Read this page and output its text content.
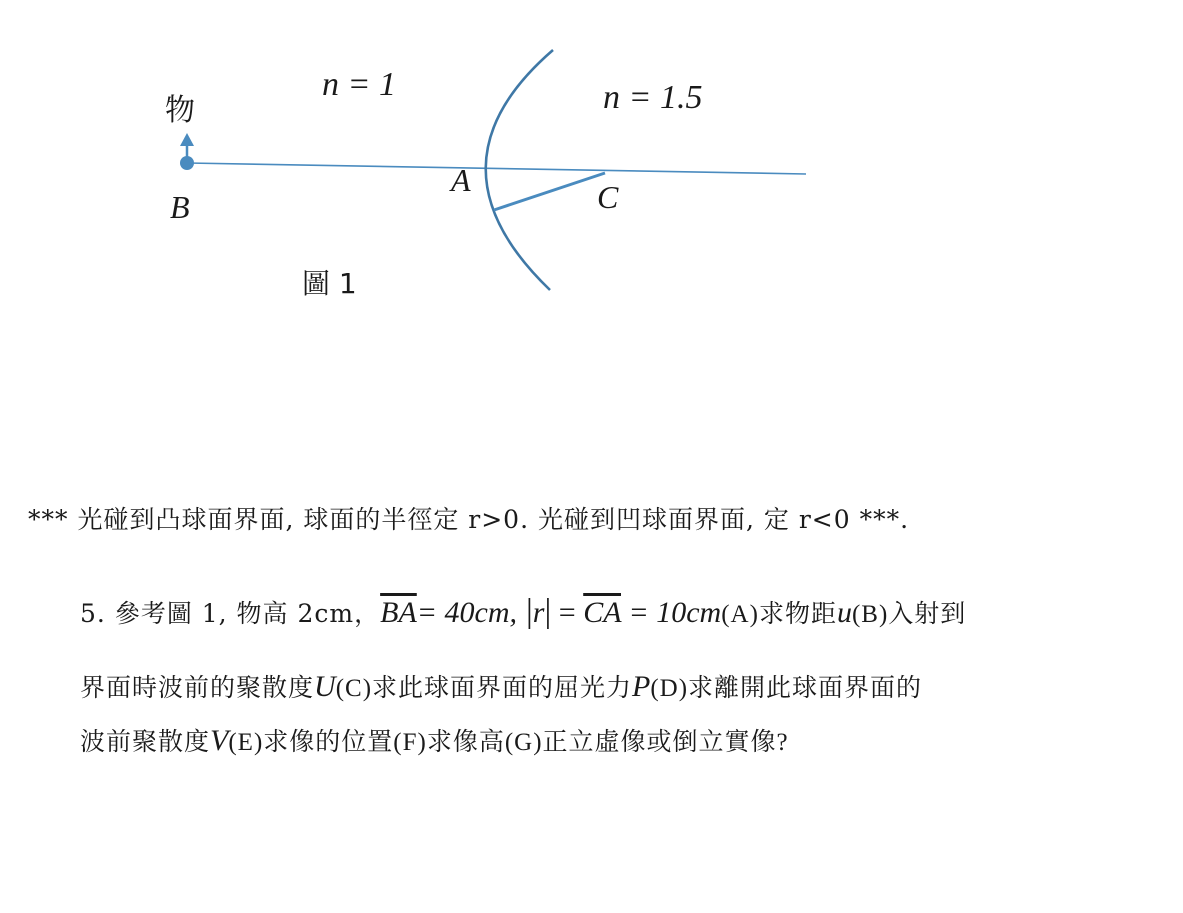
物
B
A	C
n = 1	n = 1.5
圖 1
*** 光碰到凸球面界面, 球面的半徑定 r>0. 光碰到凹球面界面, 定 r<0 ***.
5. 參考圖 1, 物高 2cm，$\overline{BA}= 40cm$, $|r| = \overline{CA} = 10cm(A)$求物距u(B)入射到
界面時波前的聚散度U(C)求此球面界面的屈光力P(D)求離開此球面界面的
波前聚散度V(E)求像的位置(F)求像高(G)正立虛像或倒立實像?
